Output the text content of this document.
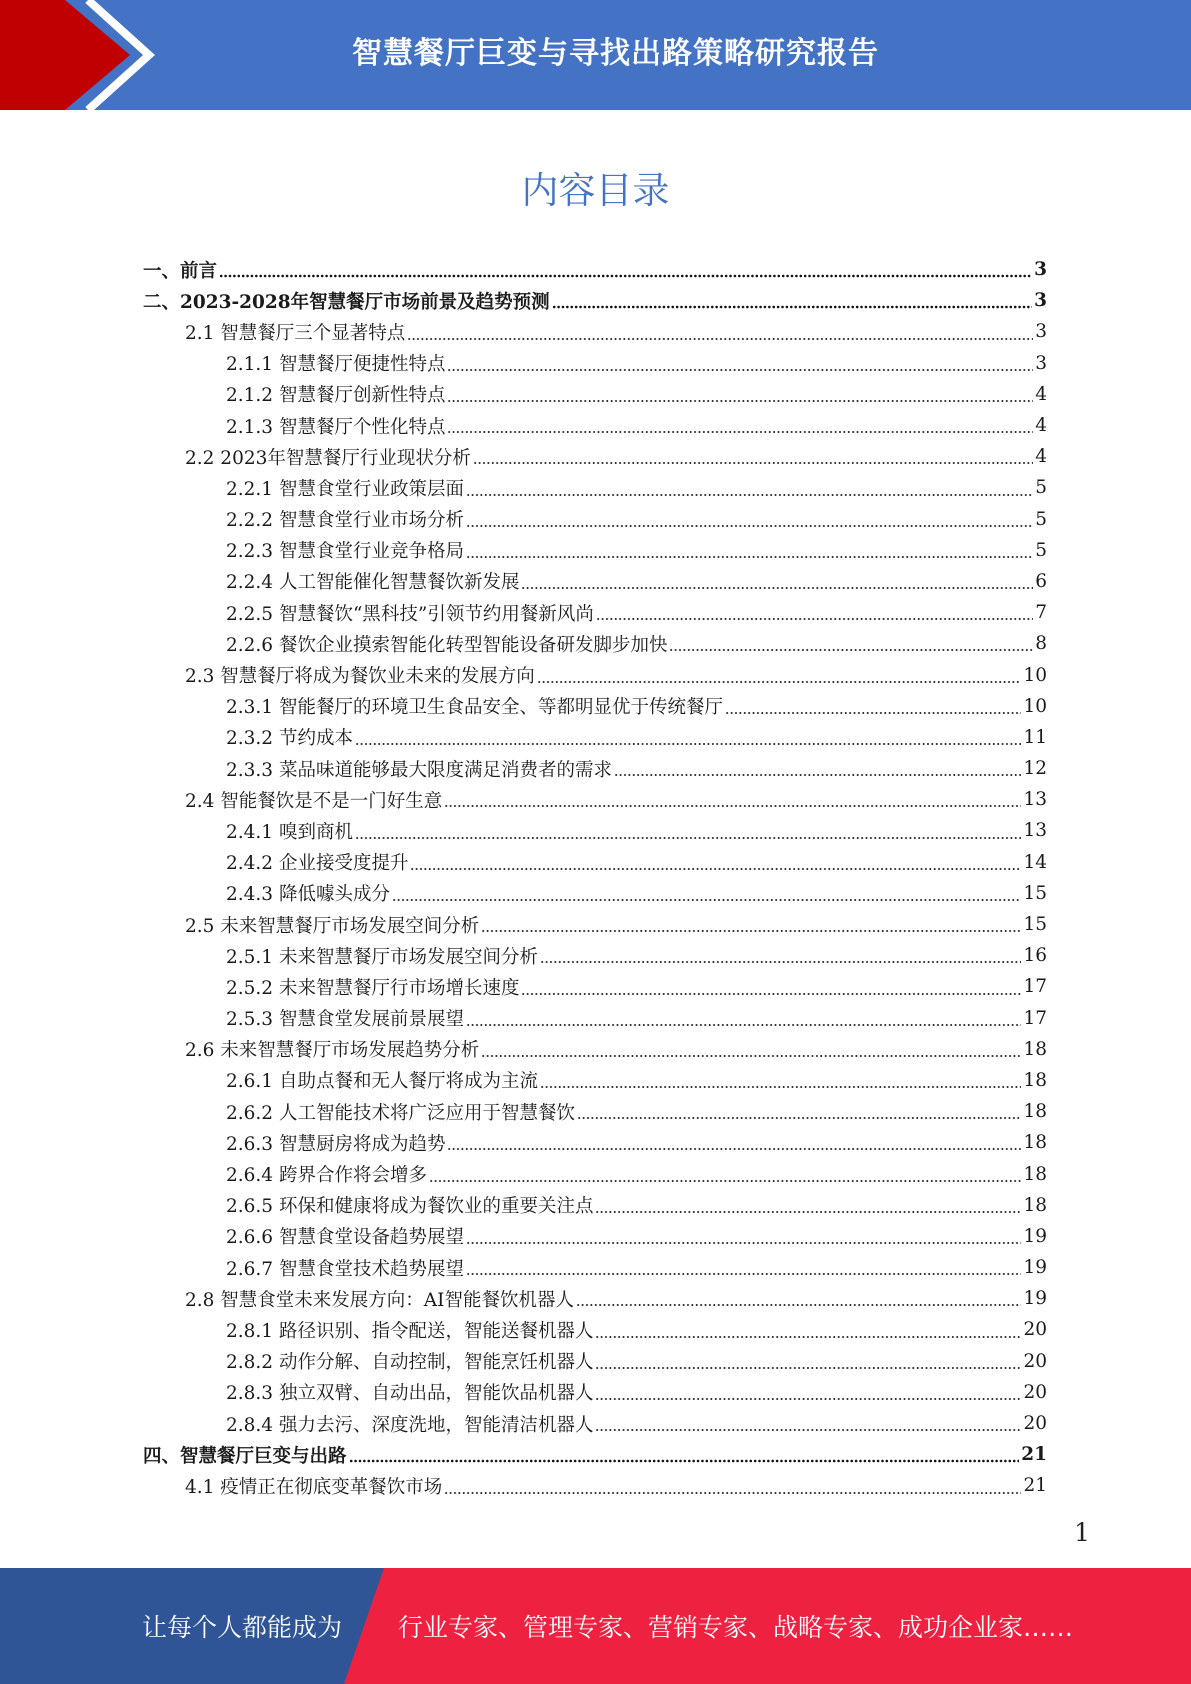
智慧餐厅巨变与寻找出路策略研究报告
内容目录
一、前言	3
二、2023-2028年智慧餐厅市场前景及趋势预测	3
2.1 智慧餐厅三个显著特点	3
2.1.1 智慧餐厅便捷性特点	3
2.1.2 智慧餐厅创新性特点	4
2.1.3 智慧餐厅个性化特点	4
2.2 2023年智慧餐厅行业现状分析	4
2.2.1 智慧食堂行业政策层面	5
2.2.2 智慧食堂行业市场分析	5
2.2.3 智慧食堂行业竞争格局	5
2.2.4 人工智能催化智慧餐饮新发展	6
2.2.5 智慧餐饮“黑科技”引领节约用餐新风尚	7
2.2.6 餐饮企业摸索智能化转型智能设备研发脚步加快	8
2.3 智慧餐厅将成为餐饮业未来的发展方向	10
2.3.1 智能餐厅的环境卫生食品安全、等都明显优于传统餐厅	10
2.3.2 节约成本	11
2.3.3 菜品味道能够最大限度满足消费者的需求	12
2.4 智能餐饮是不是一门好生意	13
2.4.1 嗅到商机	13
2.4.2 企业接受度提升	14
2.4.3 降低噱头成分	15
2.5 未来智慧餐厅市场发展空间分析	15
2.5.1 未来智慧餐厅市场发展空间分析	16
2.5.2 未来智慧餐厅行市场增长速度	17
2.5.3 智慧食堂发展前景展望	17
2.6 未来智慧餐厅市场发展趋势分析	18
2.6.1 自助点餐和无人餐厅将成为主流	18
2.6.2 人工智能技术将广泛应用于智慧餐饮	18
2.6.3 智慧厨房将成为趋势	18
2.6.4 跨界合作将会增多	18
2.6.5 环保和健康将成为餐饮业的重要关注点	18
2.6.6 智慧食堂设备趋势展望	19
2.6.7 智慧食堂技术趋势展望	19
2.8 智慧食堂未来发展方向：AI智能餐饮机器人	19
2.8.1 路径识别、指令配送，智能送餐机器人	20
2.8.2 动作分解、自动控制，智能烹饪机器人	20
2.8.3 独立双臂、自动出品，智能饮品机器人	20
2.8.4 强力去污、深度洗地，智能清洁机器人	20
四、智慧餐厅巨变与出路	21
4.1 疫情正在彻底变革餐饮市场	21
1
让每个人都能成为 行业专家、管理专家、营销专家、战略专家、成功企业家……
